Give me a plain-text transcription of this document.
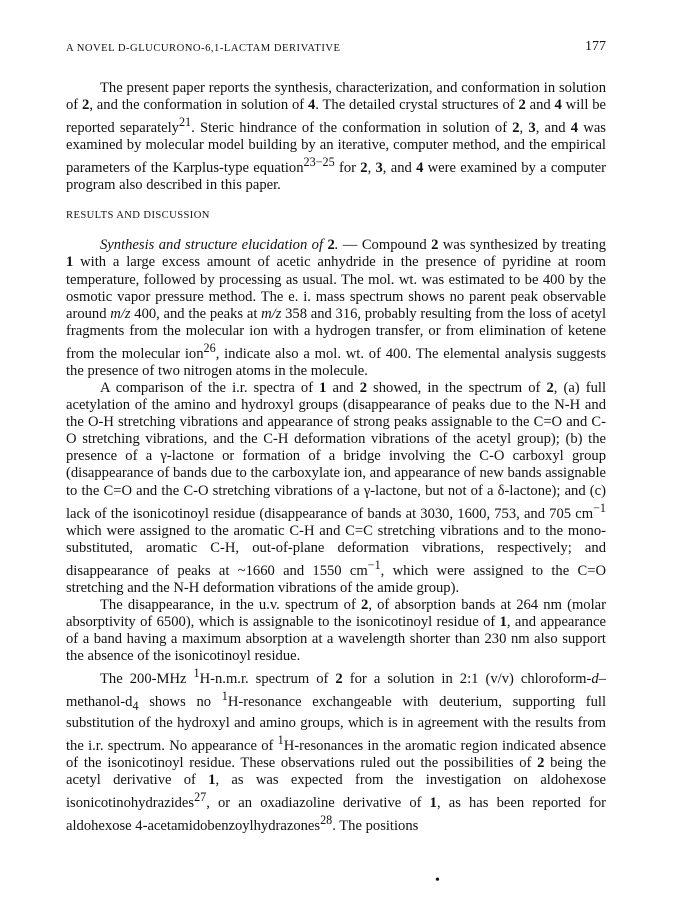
A NOVEL D-GLUCURONO-6,1-LACTAM DERIVATIVE	177

The present paper reports the synthesis, characterization, and conformation in solution of 2, and the conformation in solution of 4. The detailed crystal structures of 2 and 4 will be reported separately$^{21}$. Steric hindrance of the conformation in solution of 2, 3, and 4 was examined by molecular model building by an iterative, computer method, and the empirical parameters of the Karplus-type equation$^{23-25}$ for 2, 3, and 4 were examined by a computer program also described in this paper.

RESULTS AND DISCUSSION

Synthesis and structure elucidation of 2. — Compound 2 was synthesized by treating 1 with a large excess amount of acetic anhydride in the presence of pyridine at room temperature, followed by processing as usual. The mol. wt. was estimated to be 400 by the osmotic vapor pressure method. The e. i. mass spectrum shows no parent peak observable around m/z 400, and the peaks at m/z 358 and 316, probably resulting from the loss of acetyl fragments from the molecular ion with a hydrogen transfer, or from elimination of ketene from the molecular ion$^{26}$, indicate also a mol. wt. of 400. The elemental analysis suggests the presence of two nitrogen atoms in the molecule.

A comparison of the i.r. spectra of 1 and 2 showed, in the spectrum of 2, (a) full acetylation of the amino and hydroxyl groups (disappearance of peaks due to the N-H and the O-H stretching vibrations and appearance of strong peaks assignable to the C=O and C-O stretching vibrations, and the C-H deformation vibrations of the acetyl group); (b) the presence of a γ-lactone or formation of a bridge involving the C-O carboxyl group (disappearance of bands due to the carboxylate ion, and appearance of new bands assignable to the C=O and the C-O stretching vibrations of a γ-lactone, but not of a δ-lactone); and (c) lack of the isonicotinoyl residue (disappearance of bands at 3030, 1600, 753, and 705 $cm^{-1}$ which were assigned to the aromatic C-H and C=C stretching vibrations and to the mono-substituted, aromatic C-H, out-of-plane deformation vibrations, respectively; and disappearance of peaks at ~1660 and 1550 $cm^{-1}$, which were assigned to the C=O stretching and the N-H deformation vibrations of the amide group).

The disappearance, in the u.v. spectrum of 2, of absorption bands at 264 nm (molar absorptivity of 6500), which is assignable to the isonicotinoyl residue of 1, and appearance of a band having a maximum absorption at a wavelength shorter than 230 nm also support the absence of the isonicotinoyl residue.

The 200-MHz $^1$H-n.m.r. spectrum of 2 for a solution in 2:1 (v/v) chloroform-$d-methanol-d_4$ shows no $^1$H-resonance exchangeable with deuterium, supporting full substitution of the hydroxyl and amino groups, which is in agreement with the results from the i.r. spectrum. No appearance of $^1$H-resonances in the aromatic region indicated absence of the isonicotinoyl residue. These observations ruled out the possibilities of 2 being the acetyl derivative of 1, as was expected from the investigation on aldohexose isonicotinohydrazides$^{27}$, or an oxadiazoline derivative of 1, as has been reported for aldohexose 4-acetamidobenzoylhydrazones$^{28}$. The positions

•
